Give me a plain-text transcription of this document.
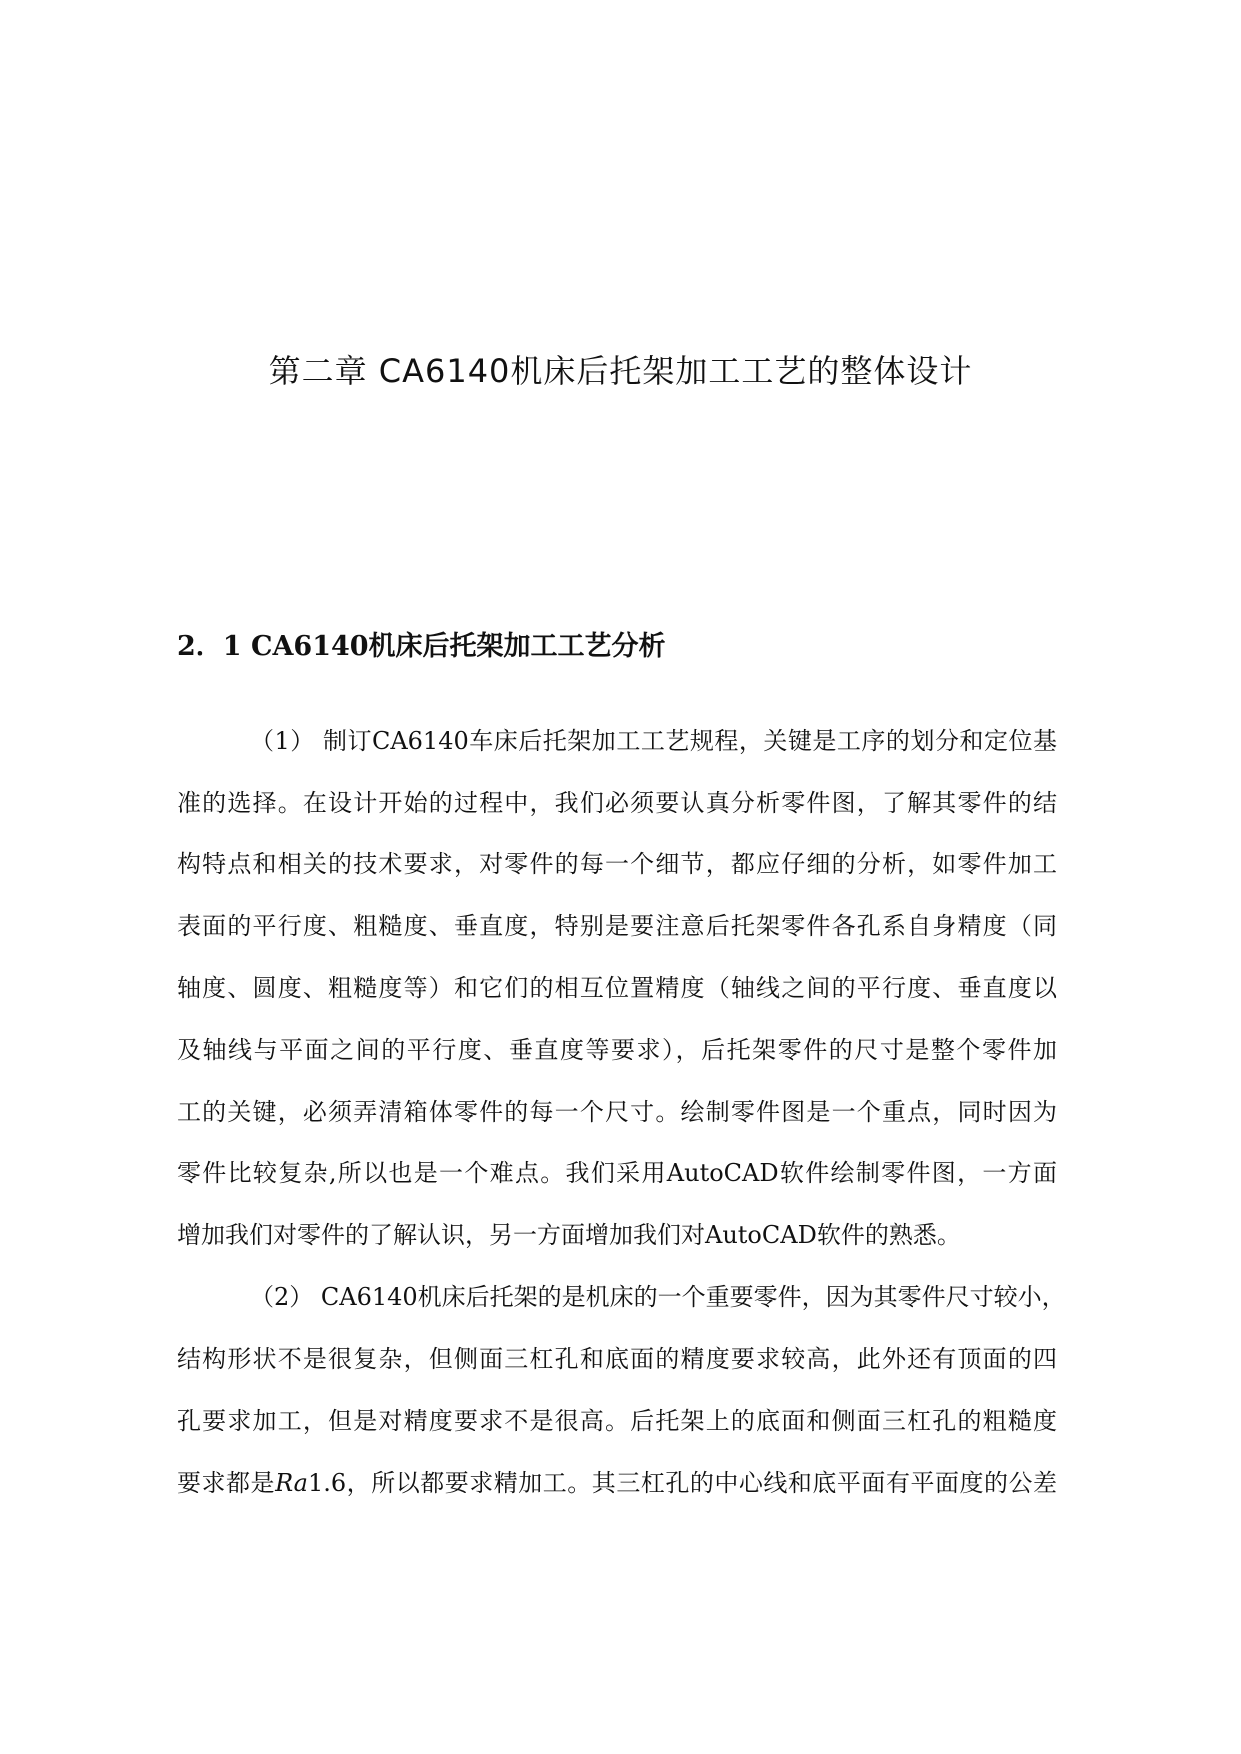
第二章 CA6140机床后托架加工工艺的整体设计
2．1 CA6140机床后托架加工工艺分析
（1） 制订CA6140车床后托架加工工艺规程，关键是工序的划分和定位基
准的选择。在设计开始的过程中，我们必须要认真分析零件图，了解其零件的结
构特点和相关的技术要求，对零件的每一个细节，都应仔细的分析，如零件加工
表面的平行度、粗糙度、垂直度，特别是要注意后托架零件各孔系自身精度（同
轴度、圆度、粗糙度等）和它们的相互位置精度（轴线之间的平行度、垂直度以
及轴线与平面之间的平行度、垂直度等要求），后托架零件的尺寸是整个零件加
工的关键，必须弄清箱体零件的每一个尺寸。绘制零件图是一个重点，同时因为
零件比较复杂,所以也是一个难点。我们采用AutoCAD软件绘制零件图，一方面
增加我们对零件的了解认识，另一方面增加我们对AutoCAD软件的熟悉。
（2） CA6140机床后托架的是机床的一个重要零件，因为其零件尺寸较小，
结构形状不是很复杂，但侧面三杠孔和底面的精度要求较高，此外还有顶面的四
孔要求加工，但是对精度要求不是很高。后托架上的底面和侧面三杠孔的粗糙度
要求都是Ra1.6，所以都要求精加工。其三杠孔的中心线和底平面有平面度的公差
